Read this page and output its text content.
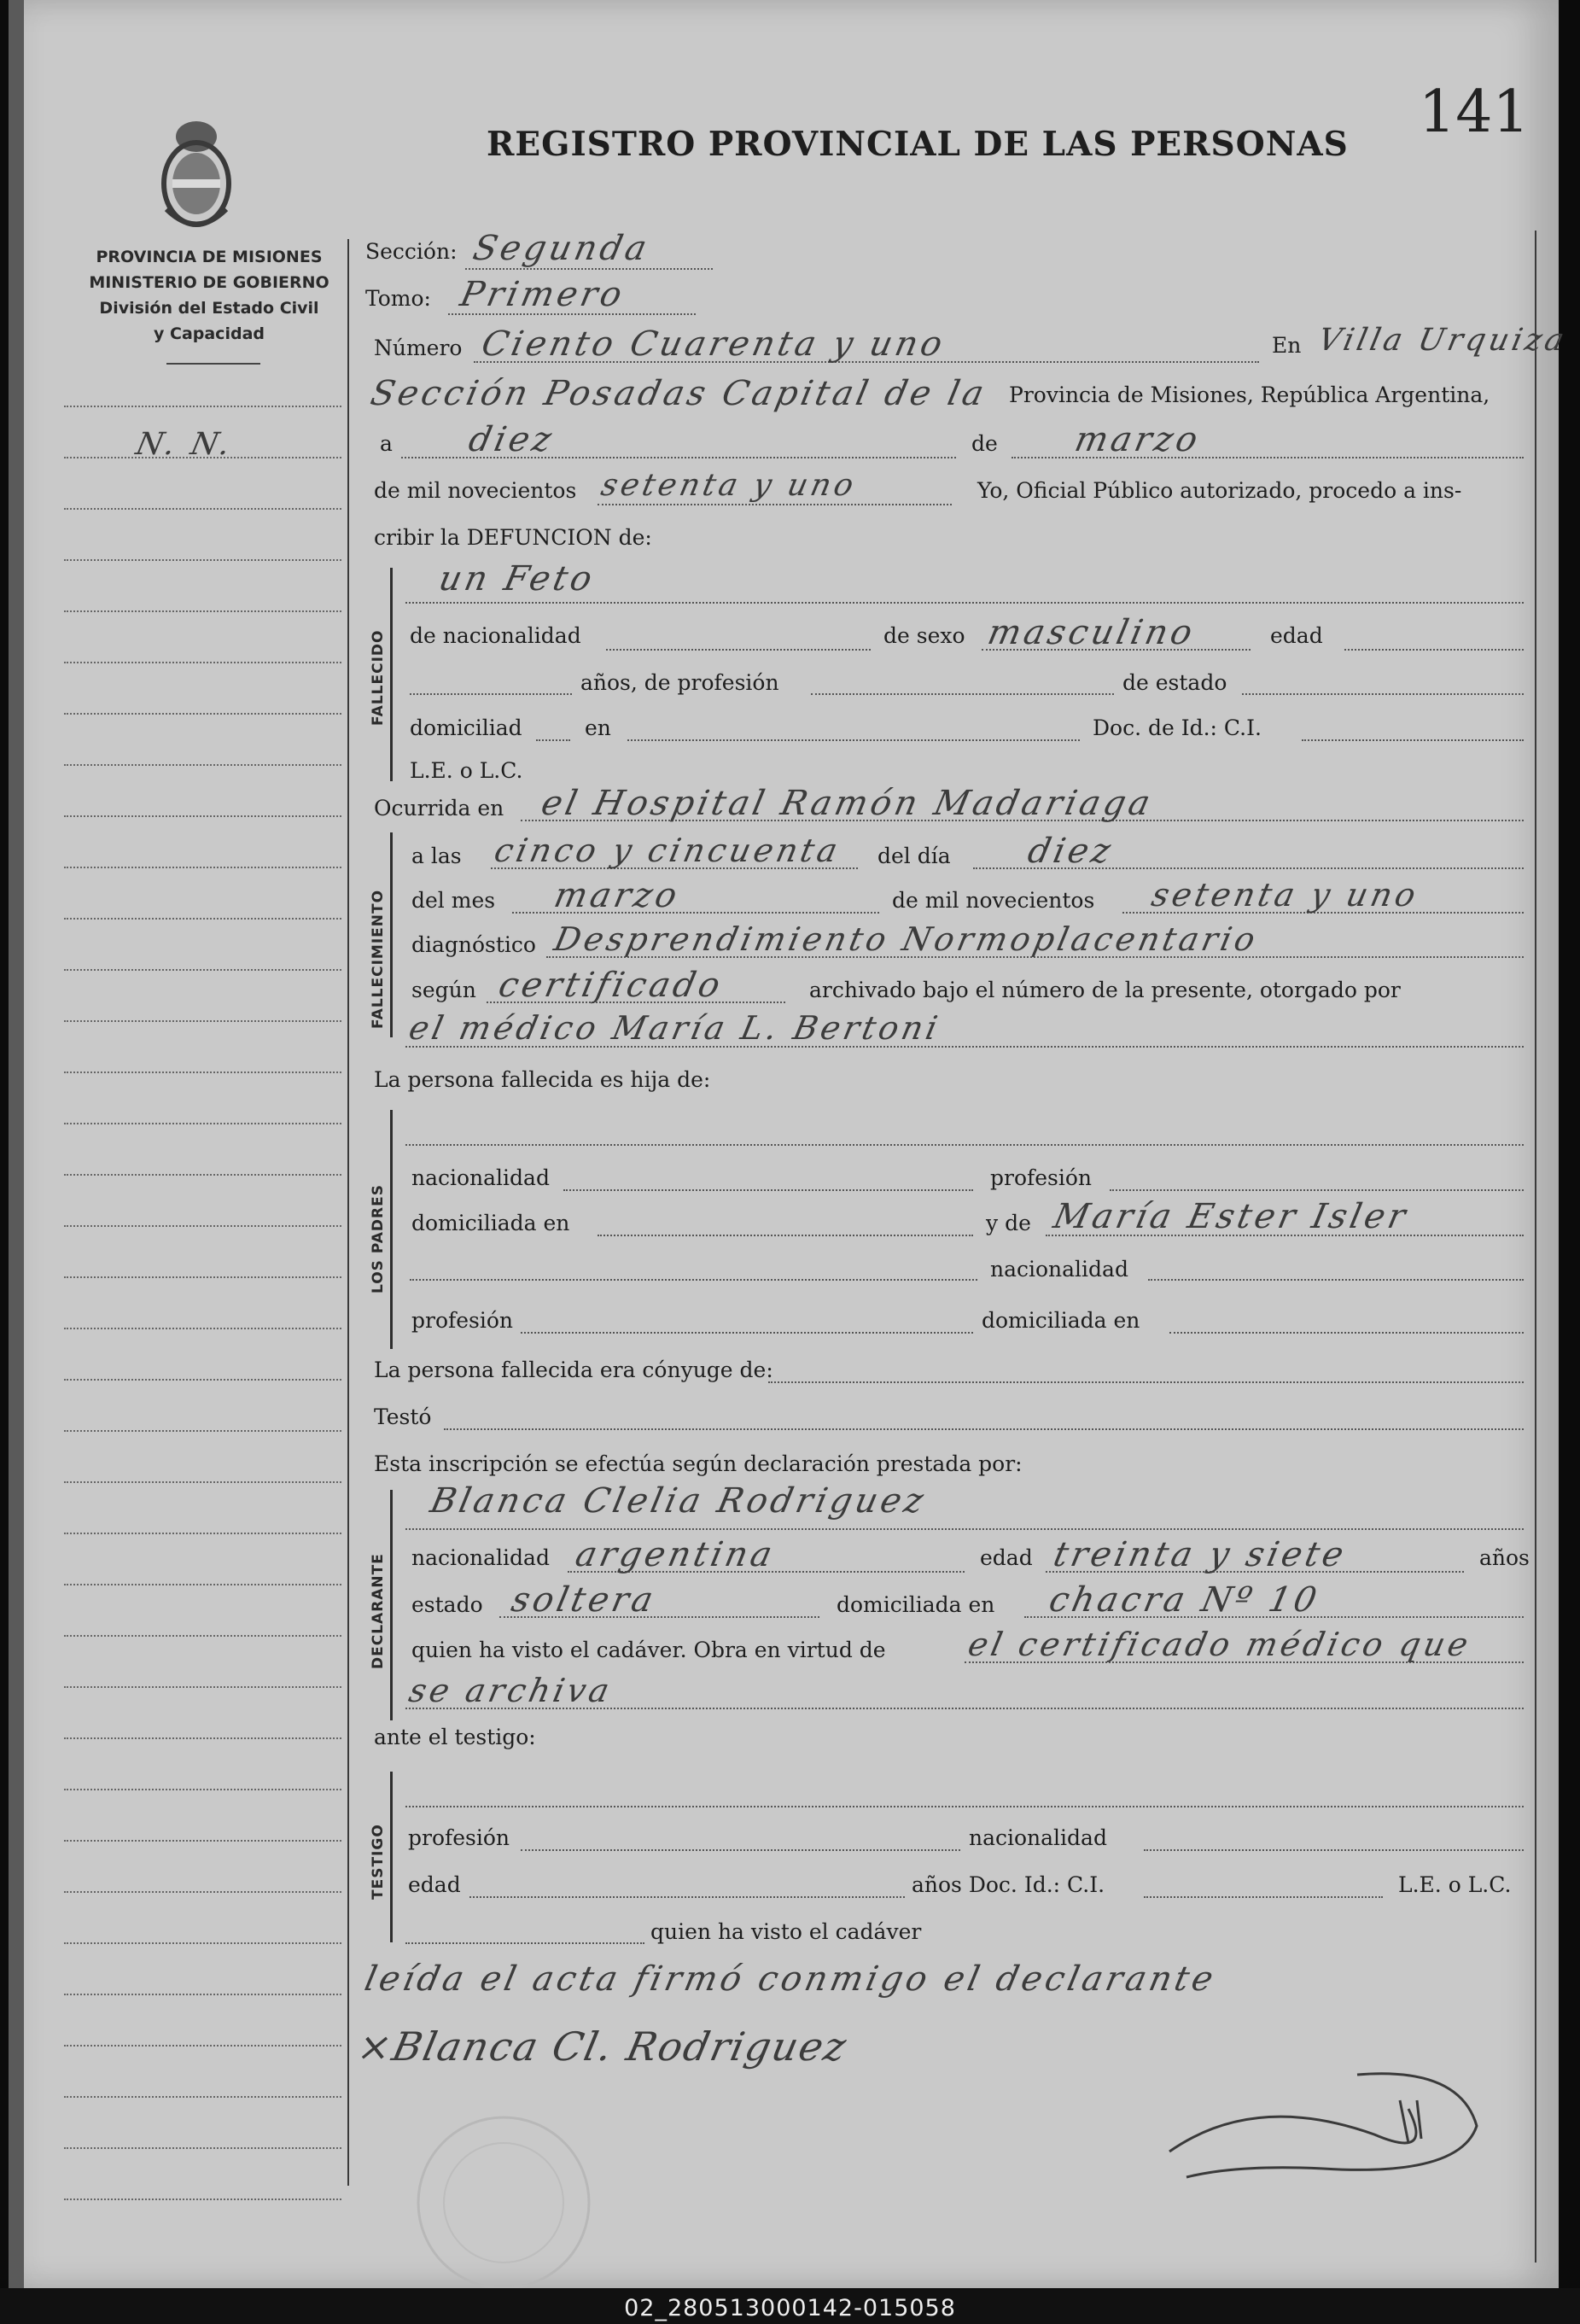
REGISTRO PROVINCIAL DE LAS PERSONAS 141
PROVINCIA DE MISIONES
MINISTERIO DE GOBIERNO
División del Estado Civil
y Capacidad
N. N.
Sección: Segunda
Tomo: Primero
Número Ciento Cuarenta y uno	En Villa Urquiza
Sección Posadas Capital de la Provincia de Misiones, República Argentina,
a diez	de marzo
de mil novecientos setenta y uno	Yo, Oficial Público autorizado, procedo a ins-
cribir la DEFUNCION de:
FALLECIDO
un Feto
de nacionalidad	de sexo masculino	edad
años, de profesión	de estado
domiciliad	en	Doc. de Id.: C.I.
L.E. o L.C.
Ocurrida en el Hospital Ramón Madariaga
FALLECIMIENTO
a las cinco y cincuenta del día diez
del mes marzo	de mil novecientos setenta y uno
diagnóstico Desprendimiento Normoplacentario
según certificado	archivado bajo el número de la presente, otorgado por
el médico María L. Bertoni
La persona fallecida es hija de:
LOS PADRES
nacionalidad	profesión
domiciliada en	y de María Ester Isler
nacionalidad
profesión	domiciliada en
La persona fallecida era cónyuge de:
Testó
Esta inscripción se efectúa según declaración prestada por:
DECLARANTE
Blanca Clelia Rodriguez
nacionalidad argentina	edad treinta y siete	años
estado soltera	domiciliada en chacra Nº 10
quien ha visto el cadáver. Obra en virtud de el certificado médico que
se archiva
ante el testigo:
TESTIGO profesión	nacionalidad
edad	años Doc. Id.: C.I.	L.E. o L.C.
quien ha visto el cadáver
leída el acta firmó conmigo el declarante
×Blanca Cl. Rodriguez
02_280513000142-015058
